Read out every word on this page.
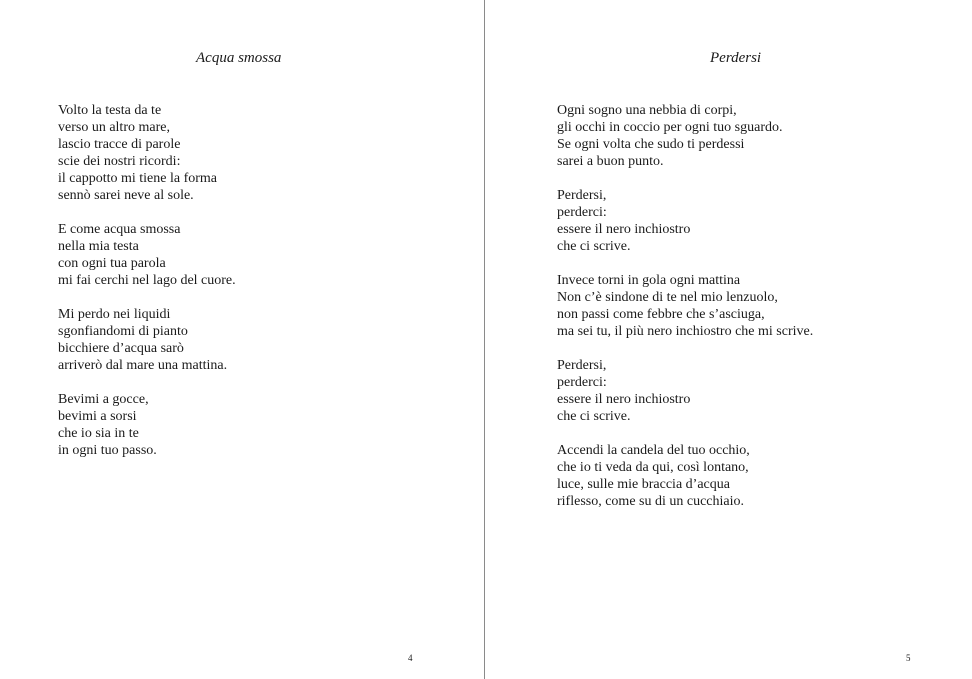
Acqua smossa
Volto la testa da te
verso un altro mare,
lascio tracce di parole
scie dei nostri ricordi:
il cappotto mi tiene la forma
sennò sarei neve al sole.
E come acqua smossa
nella mia testa
con ogni tua parola
mi fai cerchi nel lago del cuore.
Mi perdo nei liquidi
sgonfiandomi di pianto
bicchiere d’acqua sarò
arriverò dal mare una mattina.
Bevimi a gocce,
bevimi a sorsi
che io sia in te
in ogni tuo passo.
4
Perdersi
Ogni sogno una nebbia di corpi,
gli occhi in coccio per ogni tuo sguardo.
Se ogni volta che sudo ti perdessi
sarei a buon punto.
Perdersi,
perderci:
essere il nero inchiostro
che ci scrive.
Invece torni in gola ogni mattina
Non c’è sindone di te nel mio lenzuolo,
non passi come febbre che s’asciuga,
ma sei tu, il più nero inchiostro che mi scrive.
Perdersi,
perderci:
essere il nero inchiostro
che ci scrive.
Accendi la candela del tuo occhio,
che io ti veda da qui, così lontano,
luce, sulle mie braccia d’acqua
riflesso, come su di un cucchiaio.
5
